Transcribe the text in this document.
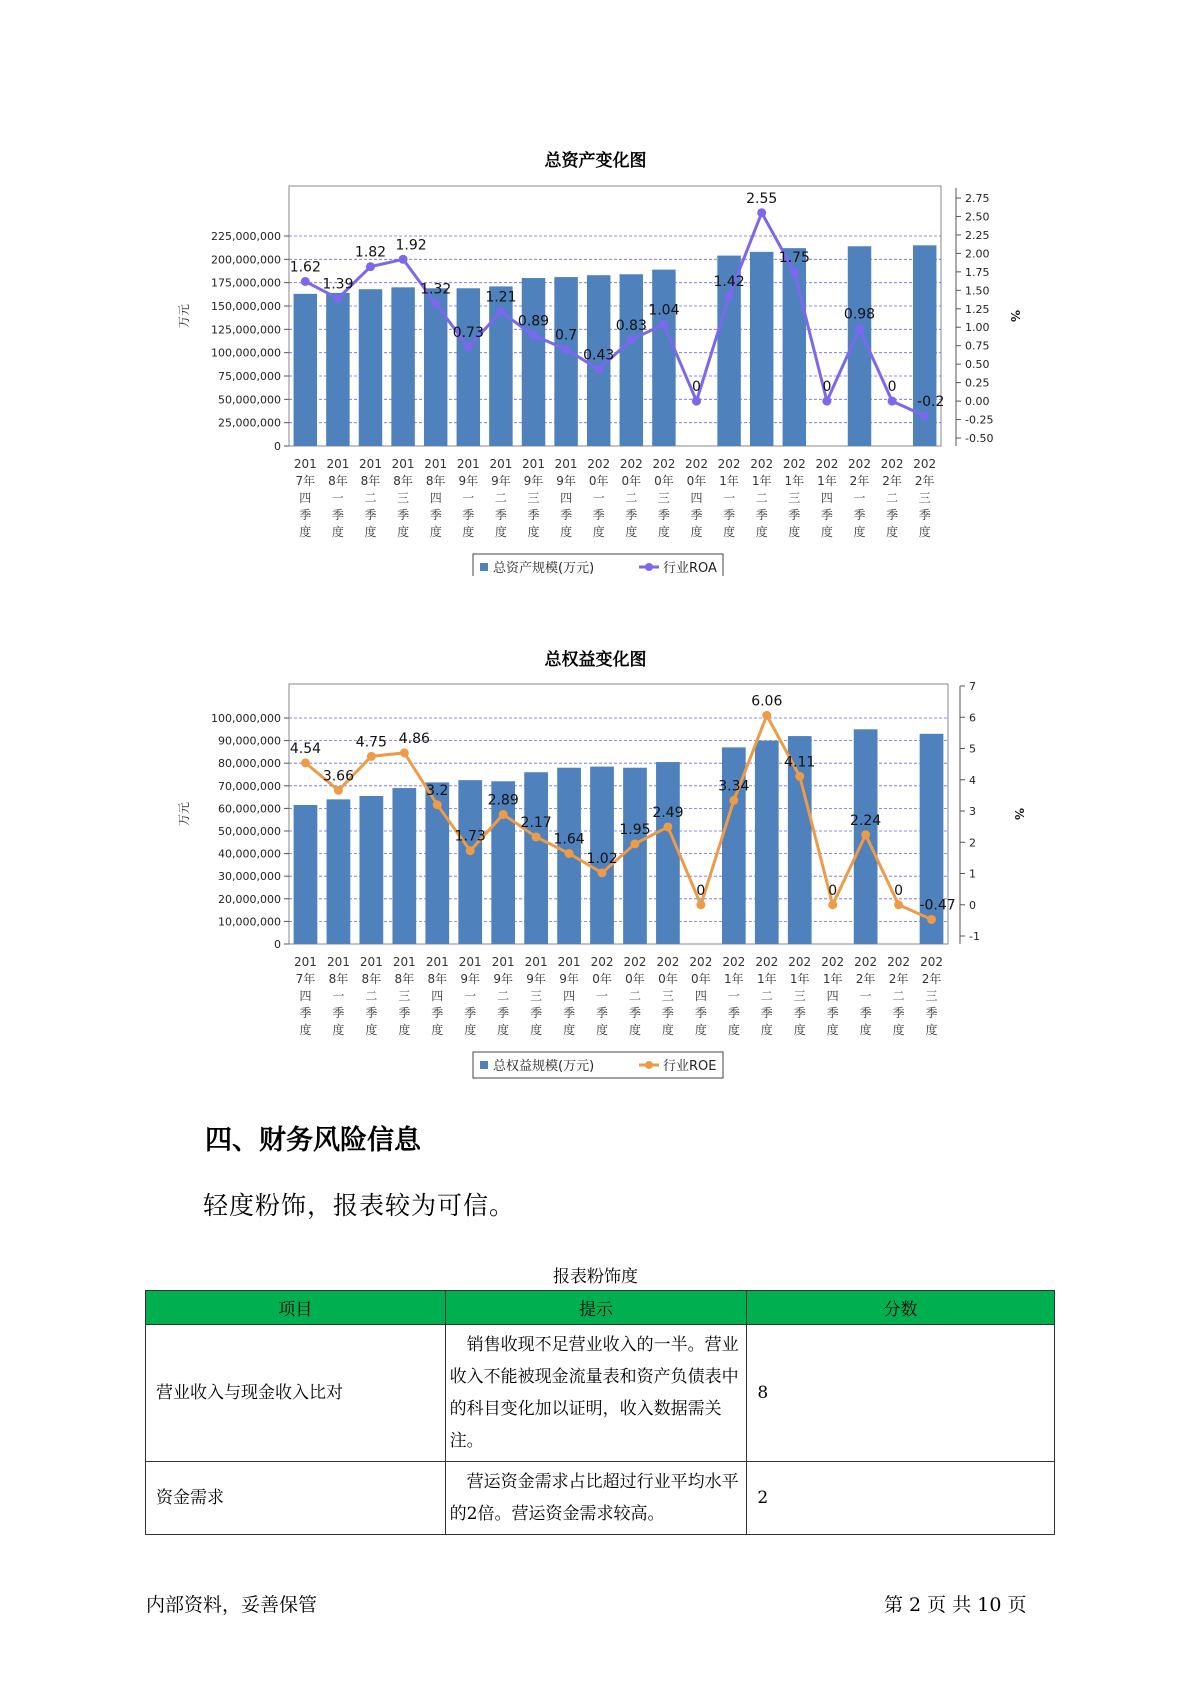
总资产变化图
0
25,000,000
50,000,000
75,000,000
100,000,000
125,000,000
150,000,000
175,000,000
200,000,000
225,000,000
万元
-0.50
-0.25
0.00
0.25
0.50
0.75
1.00
1.25
1.50
1.75
2.00
2.25
2.50
2.75
%
1.62
1.39
1.82 1.92
1.32
0.73
1.21
0.89
0.7
0.43
0.83
1.04
0
1.42
2.55
1.75
0
0.98
0
-0.2
201
7年
四
季
度
201
8年
一
季
度
201
8年
二
季
度
201
8年
三
季
度
201
8年
四
季
度
201
9年
一
季
度
201
9年
二
季
度
201
9年
三
季
度
201
9年
四
季
度
202
0年
一
季
度
202
0年
二
季
度
202
0年
三
季
度
202
0年
四
季
度
202
1年
一
季
度
202
1年
二
季
度
202
1年
三
季
度
202
1年
四
季
度
202
2年
一
季
度
202
2年
二
季
度
202
2年
三
季
度
总资产规模(万元)	行业ROA
总权益变化图
0
10,000,000
20,000,000
30,000,000
40,000,000
50,000,000
60,000,000
70,000,000
80,000,000
90,000,000
100,000,000
万元
-1
0
1
2
3
4
5
6
7
%
4.54
3.66
4.75 4.86
3.2
1.73
2.89
2.17
1.64
1.02
1.95
2.49
0
3.34
6.06
4.11
0
2.24
0
-0.47
201
7年
四
季
度
201
8年
一
季
度
201
8年
二
季
度
201
8年
三
季
度
201
8年
四
季
度
201
9年
一
季
度
201
9年
二
季
度
201
9年
三
季
度
201
9年
四
季
度
202
0年
一
季
度
202
0年
二
季
度
202
0年
三
季
度
202
0年
四
季
度
202
1年
一
季
度
202
1年
二
季
度
202
1年
三
季
度
202
1年
四
季
度
202
2年
一
季
度
202
2年
二
季
度
202
2年
三
季
度
总权益规模(万元)	行业ROE
四、财务风险信息
轻度粉饰，报表较为可信。
报表粉饰度
项目	提示	分数
营业收入与现金收入比对	销售收现不足营业收入的一半。营业收入不能被现金流量表和资产负债表中的科目变化加以证明，收入数据需关注。	8
资金需求	营运资金需求占比超过行业平均水平的2倍。营运资金需求较高。	2
内部资料，妥善保管	第 2 页 共 10 页
